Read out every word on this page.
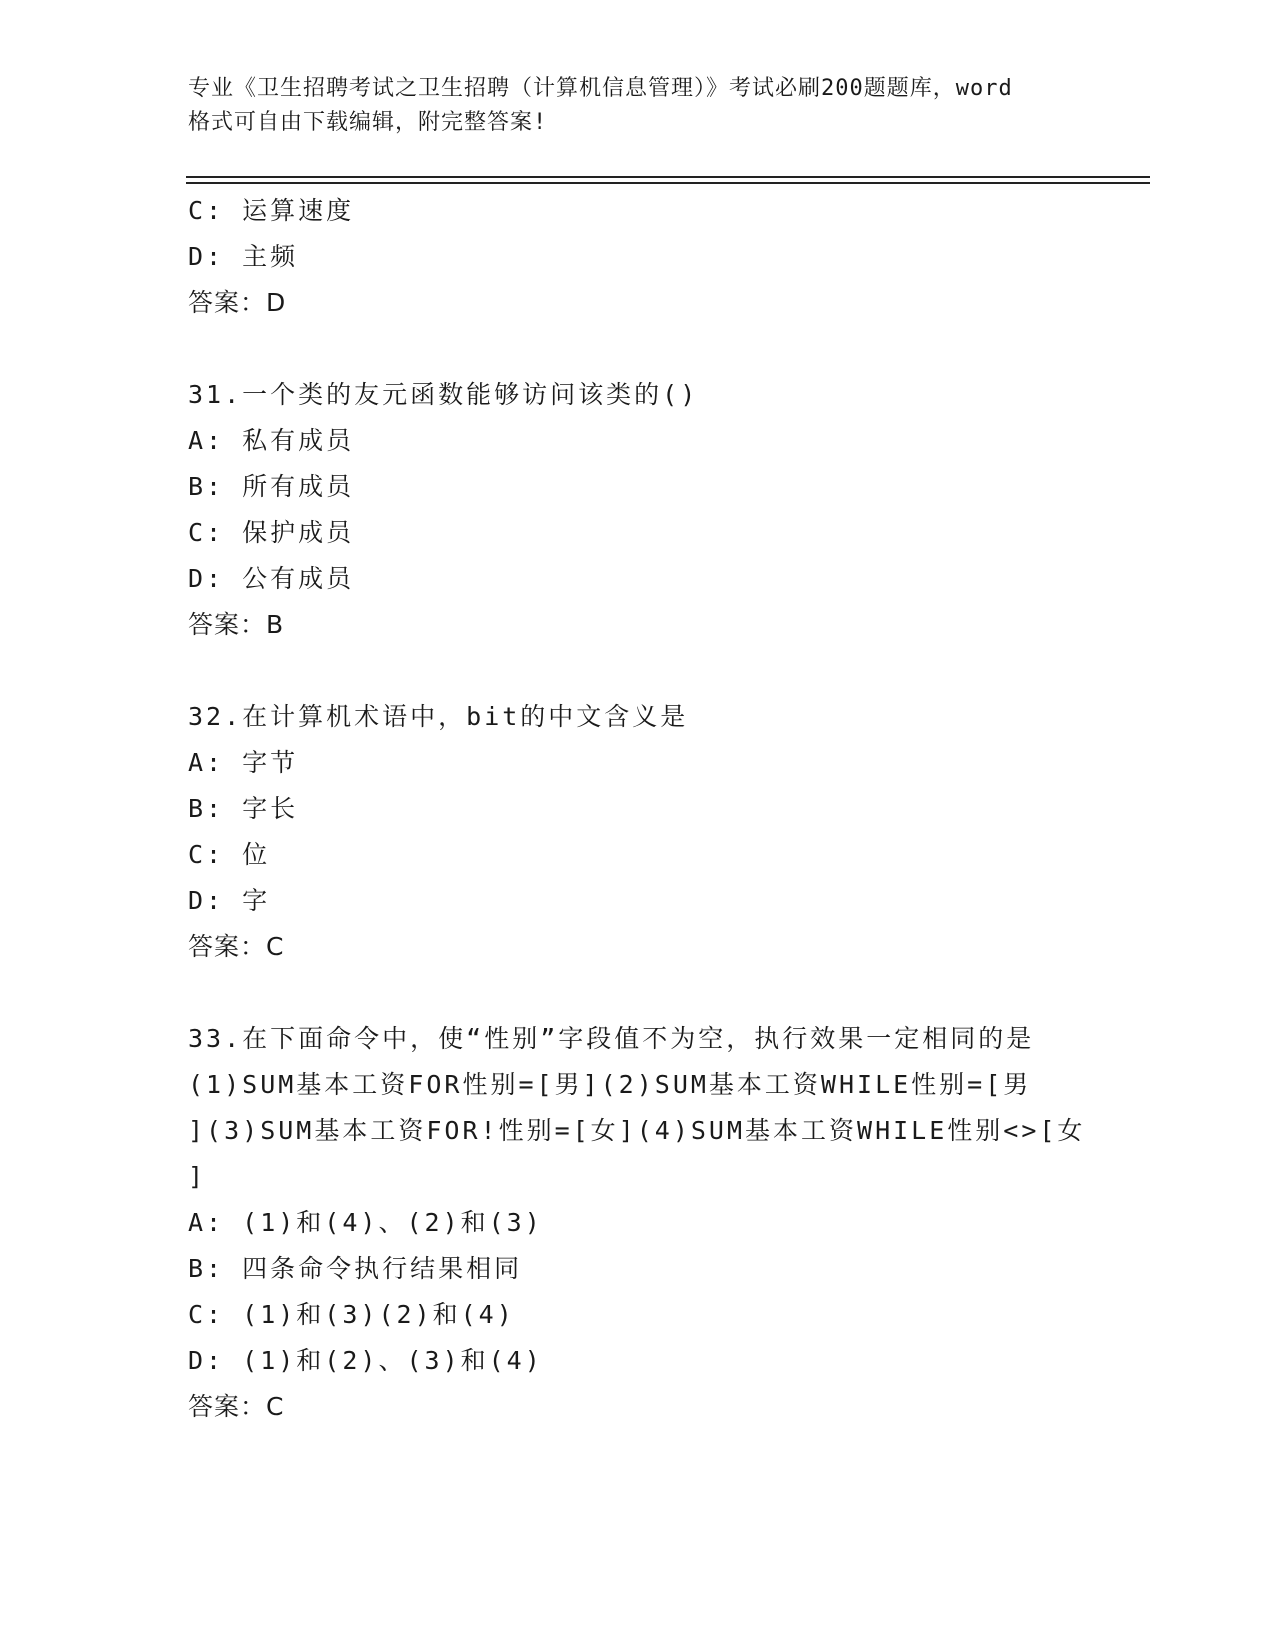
专业《卫生招聘考试之卫生招聘（计算机信息管理）》考试必刷200题题库，word
格式可自由下载编辑，附完整答案!
C: 运算速度
D: 主频
答案：D
31.一个类的友元函数能够访问该类的()
A: 私有成员
B: 所有成员
C: 保护成员
D: 公有成员
答案：B
32.在计算机术语中，bit的中文含义是
A: 字节
B: 字长
C: 位
D: 字
答案：C
33.在下面命令中，使“性别”字段值不为空，执行效果一定相同的是
(1)SUM基本工资FOR性别=[男](2)SUM基本工资WHILE性别=[男
](3)SUM基本工资FOR!性别=[女](4)SUM基本工资WHILE性别<>[女
]
A: (1)和(4)、(2)和(3)
B: 四条命令执行结果相同
C: (1)和(3)(2)和(4)
D: (1)和(2)、(3)和(4)
答案：C
